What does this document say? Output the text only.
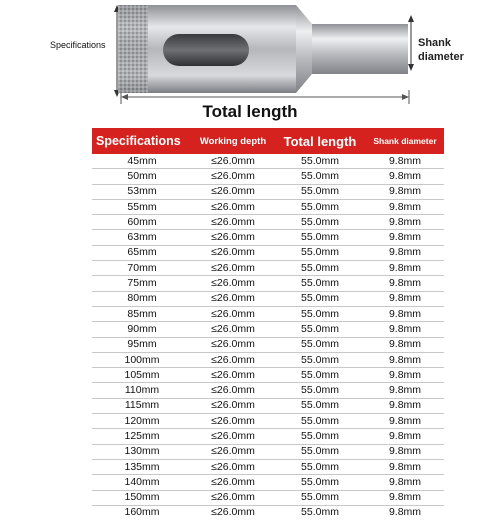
Specifications	Shank
diameter
Total length
Specifications	Working depth	Total length	Shank diameter
45mm	≤26.0mm	55.0mm	9.8mm
50mm	≤26.0mm	55.0mm	9.8mm
53mm	≤26.0mm	55.0mm	9.8mm
55mm	≤26.0mm	55.0mm	9.8mm
60mm	≤26.0mm	55.0mm	9.8mm
63mm	≤26.0mm	55.0mm	9.8mm
65mm	≤26.0mm	55.0mm	9.8mm
70mm	≤26.0mm	55.0mm	9.8mm
75mm	≤26.0mm	55.0mm	9.8mm
80mm	≤26.0mm	55.0mm	9.8mm
85mm	≤26.0mm	55.0mm	9.8mm
90mm	≤26.0mm	55.0mm	9.8mm
95mm	≤26.0mm	55.0mm	9.8mm
100mm	≤26.0mm	55.0mm	9.8mm
105mm	≤26.0mm	55.0mm	9.8mm
110mm	≤26.0mm	55.0mm	9.8mm
115mm	≤26.0mm	55.0mm	9.8mm
120mm	≤26.0mm	55.0mm	9.8mm
125mm	≤26.0mm	55.0mm	9.8mm
130mm	≤26.0mm	55.0mm	9.8mm
135mm	≤26.0mm	55.0mm	9.8mm
140mm	≤26.0mm	55.0mm	9.8mm
150mm	≤26.0mm	55.0mm	9.8mm
160mm	≤26.0mm	55.0mm	9.8mm
